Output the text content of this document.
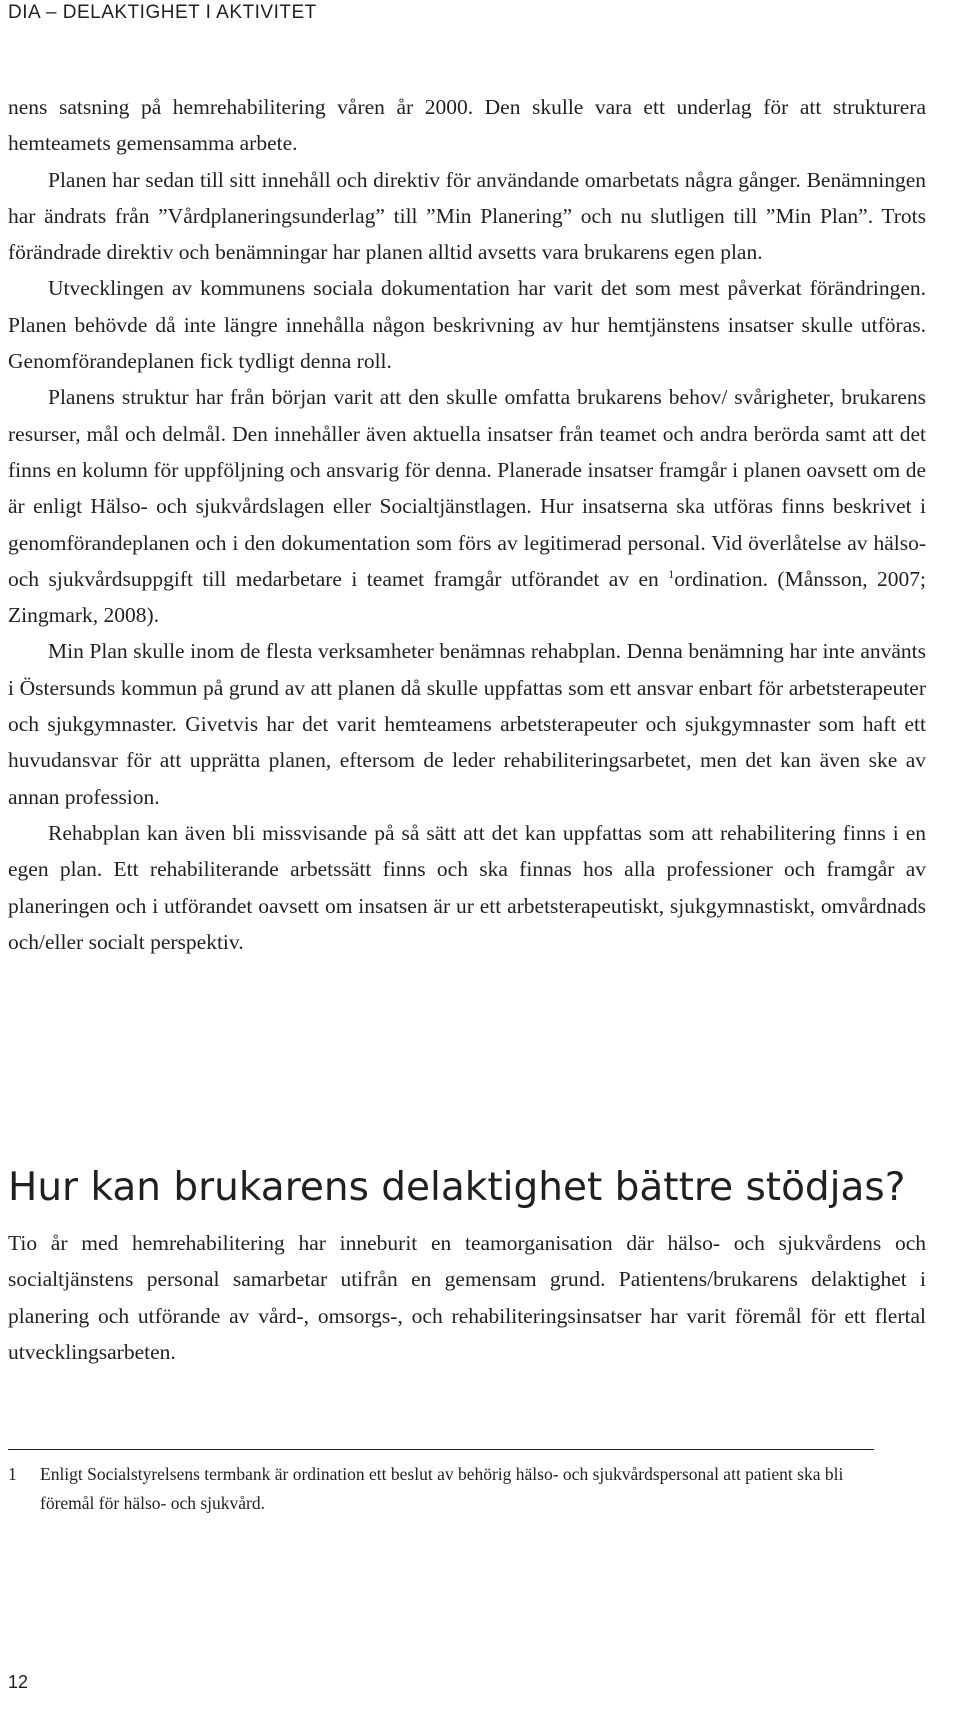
DIA – DELAKTIGHET I AKTIVITET

nens satsning på hemrehabilitering våren år 2000. Den skulle vara ett underlag för att strukturera hemteamets gemensamma arbete.

Planen har sedan till sitt innehåll och direktiv för användande omarbetats några gånger. Benämningen har ändrats från ”Vårdplaneringsunderlag” till ”Min Planering” och nu slutligen till ”Min Plan”. Trots förändrade direktiv och benämningar har planen alltid avsetts vara brukarens egen plan.

Utvecklingen av kommunens sociala dokumentation har varit det som mest påverkat förändringen. Planen behövde då inte längre innehålla någon beskrivning av hur hemtjänstens insatser skulle utföras. Genomförandeplanen fick tydligt denna roll.

Planens struktur har från början varit att den skulle omfatta brukarens behov/ svårigheter, brukarens resurser, mål och delmål. Den innehåller även aktuella insatser från teamet och andra berörda samt att det finns en kolumn för uppföljning och ansvarig för denna. Planerade insatser framgår i planen oavsett om de är enligt Hälso- och sjukvårdslagen eller Socialtjänstlagen. Hur insatserna ska utföras finns beskrivet i genomförandeplanen och i den dokumentation som förs av legitimerad personal. Vid överlåtelse av hälso- och sjukvårdsuppgift till medarbetare i teamet framgår utförandet av en $^1$ordination. (Månsson, 2007; Zingmark, 2008).

Min Plan skulle inom de flesta verksamheter benämnas rehabplan. Denna benämning har inte använts i Östersunds kommun på grund av att planen då skulle uppfattas som ett ansvar enbart för arbetsterapeuter och sjukgymnaster. Givetvis har det varit hemteamens arbetsterapeuter och sjukgymnaster som haft ett huvudansvar för att upprätta planen, eftersom de leder rehabiliteringsarbetet, men det kan även ske av annan profession.

Rehabplan kan även bli missvisande på så sätt att det kan uppfattas som att rehabilitering finns i en egen plan. Ett rehabiliterande arbetssätt finns och ska finnas hos alla professioner och framgår av planeringen och i utförandet oavsett om insatsen är ur ett arbetsterapeutiskt, sjukgymnastiskt, omvårdnads och/eller socialt perspektiv.

Hur kan brukarens delaktighet bättre stödjas?

Tio år med hemrehabilitering har inneburit en teamorganisation där hälso- och sjukvårdens och socialtjänstens personal samarbetar utifrån en gemensam grund. Patientens/brukarens delaktighet i planering och utförande av vård-, omsorgs-, och rehabiliteringsinsatser har varit föremål för ett flertal utvecklingsarbeten.

1 Enligt Socialstyrelsens termbank är ordination ett beslut av behörig hälso- och sjukvårdspersonal att patient ska bli föremål för hälso- och sjukvård.
12
